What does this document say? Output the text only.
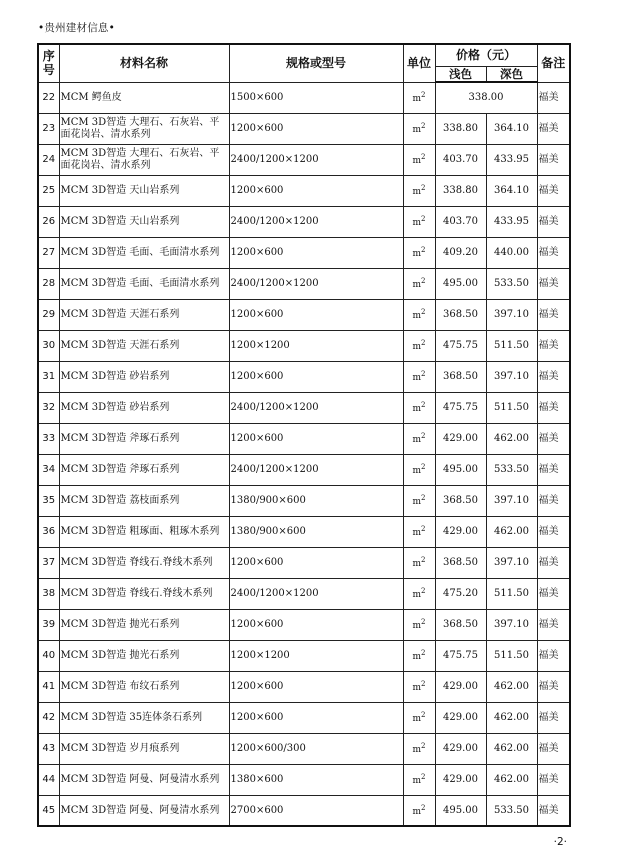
•贵州建材信息•
序
号	材料名称	规格或型号	单位	价格（元）		备注
				浅色	深色	
22	MCM 鳄鱼皮	1500×600	$m^2$	338.00		福美
23	MCM 3D智造 大理石、石灰岩、平面花岗岩、清水系列	1200×600	$m^2$	338.80	364.10	福美
24	MCM 3D智造 大理石、石灰岩、平面花岗岩、清水系列	2400/1200×1200	$m^2$	403.70	433.95	福美
25	MCM 3D智造 天山岩系列	1200×600	$m^2$	338.80	364.10	福美
26	MCM 3D智造 天山岩系列	2400/1200×1200	$m^2$	403.70	433.95	福美
27	MCM 3D智造 毛面、毛面清水系列	1200×600	$m^2$	409.20	440.00	福美
28	MCM 3D智造 毛面、毛面清水系列	2400/1200×1200	$m^2$	495.00	533.50	福美
29	MCM 3D智造 天涯石系列	1200×600	$m^2$	368.50	397.10	福美
30	MCM 3D智造 天涯石系列	1200×1200	$m^2$	475.75	511.50	福美
31	MCM 3D智造 砂岩系列	1200×600	$m^2$	368.50	397.10	福美
32	MCM 3D智造 砂岩系列	2400/1200×1200	$m^2$	475.75	511.50	福美
33	MCM 3D智造 斧琢石系列	1200×600	$m^2$	429.00	462.00	福美
34	MCM 3D智造 斧琢石系列	2400/1200×1200	$m^2$	495.00	533.50	福美
35	MCM 3D智造 荔枝面系列	1380/900×600	$m^2$	368.50	397.10	福美
36	MCM 3D智造 粗琢面、粗琢木系列	1380/900×600	$m^2$	429.00	462.00	福美
37	MCM 3D智造 脊线石.脊线木系列	1200×600	$m^2$	368.50	397.10	福美
38	MCM 3D智造 脊线石.脊线木系列	2400/1200×1200	$m^2$	475.20	511.50	福美
39	MCM 3D智造 抛光石系列	1200×600	$m^2$	368.50	397.10	福美
40	MCM 3D智造 抛光石系列	1200×1200	$m^2$	475.75	511.50	福美
41	MCM 3D智造 布纹石系列	1200×600	$m^2$	429.00	462.00	福美
42	MCM 3D智造 35连体条石系列	1200×600	$m^2$	429.00	462.00	福美
43	MCM 3D智造 岁月痕系列	1200×600/300	$m^2$	429.00	462.00	福美
44	MCM 3D智造 阿曼、阿曼清水系列	1380×600	$m^2$	429.00	462.00	福美
45	MCM 3D智造 阿曼、阿曼清水系列	2700×600	$m^2$	495.00	533.50	福美
·2·
